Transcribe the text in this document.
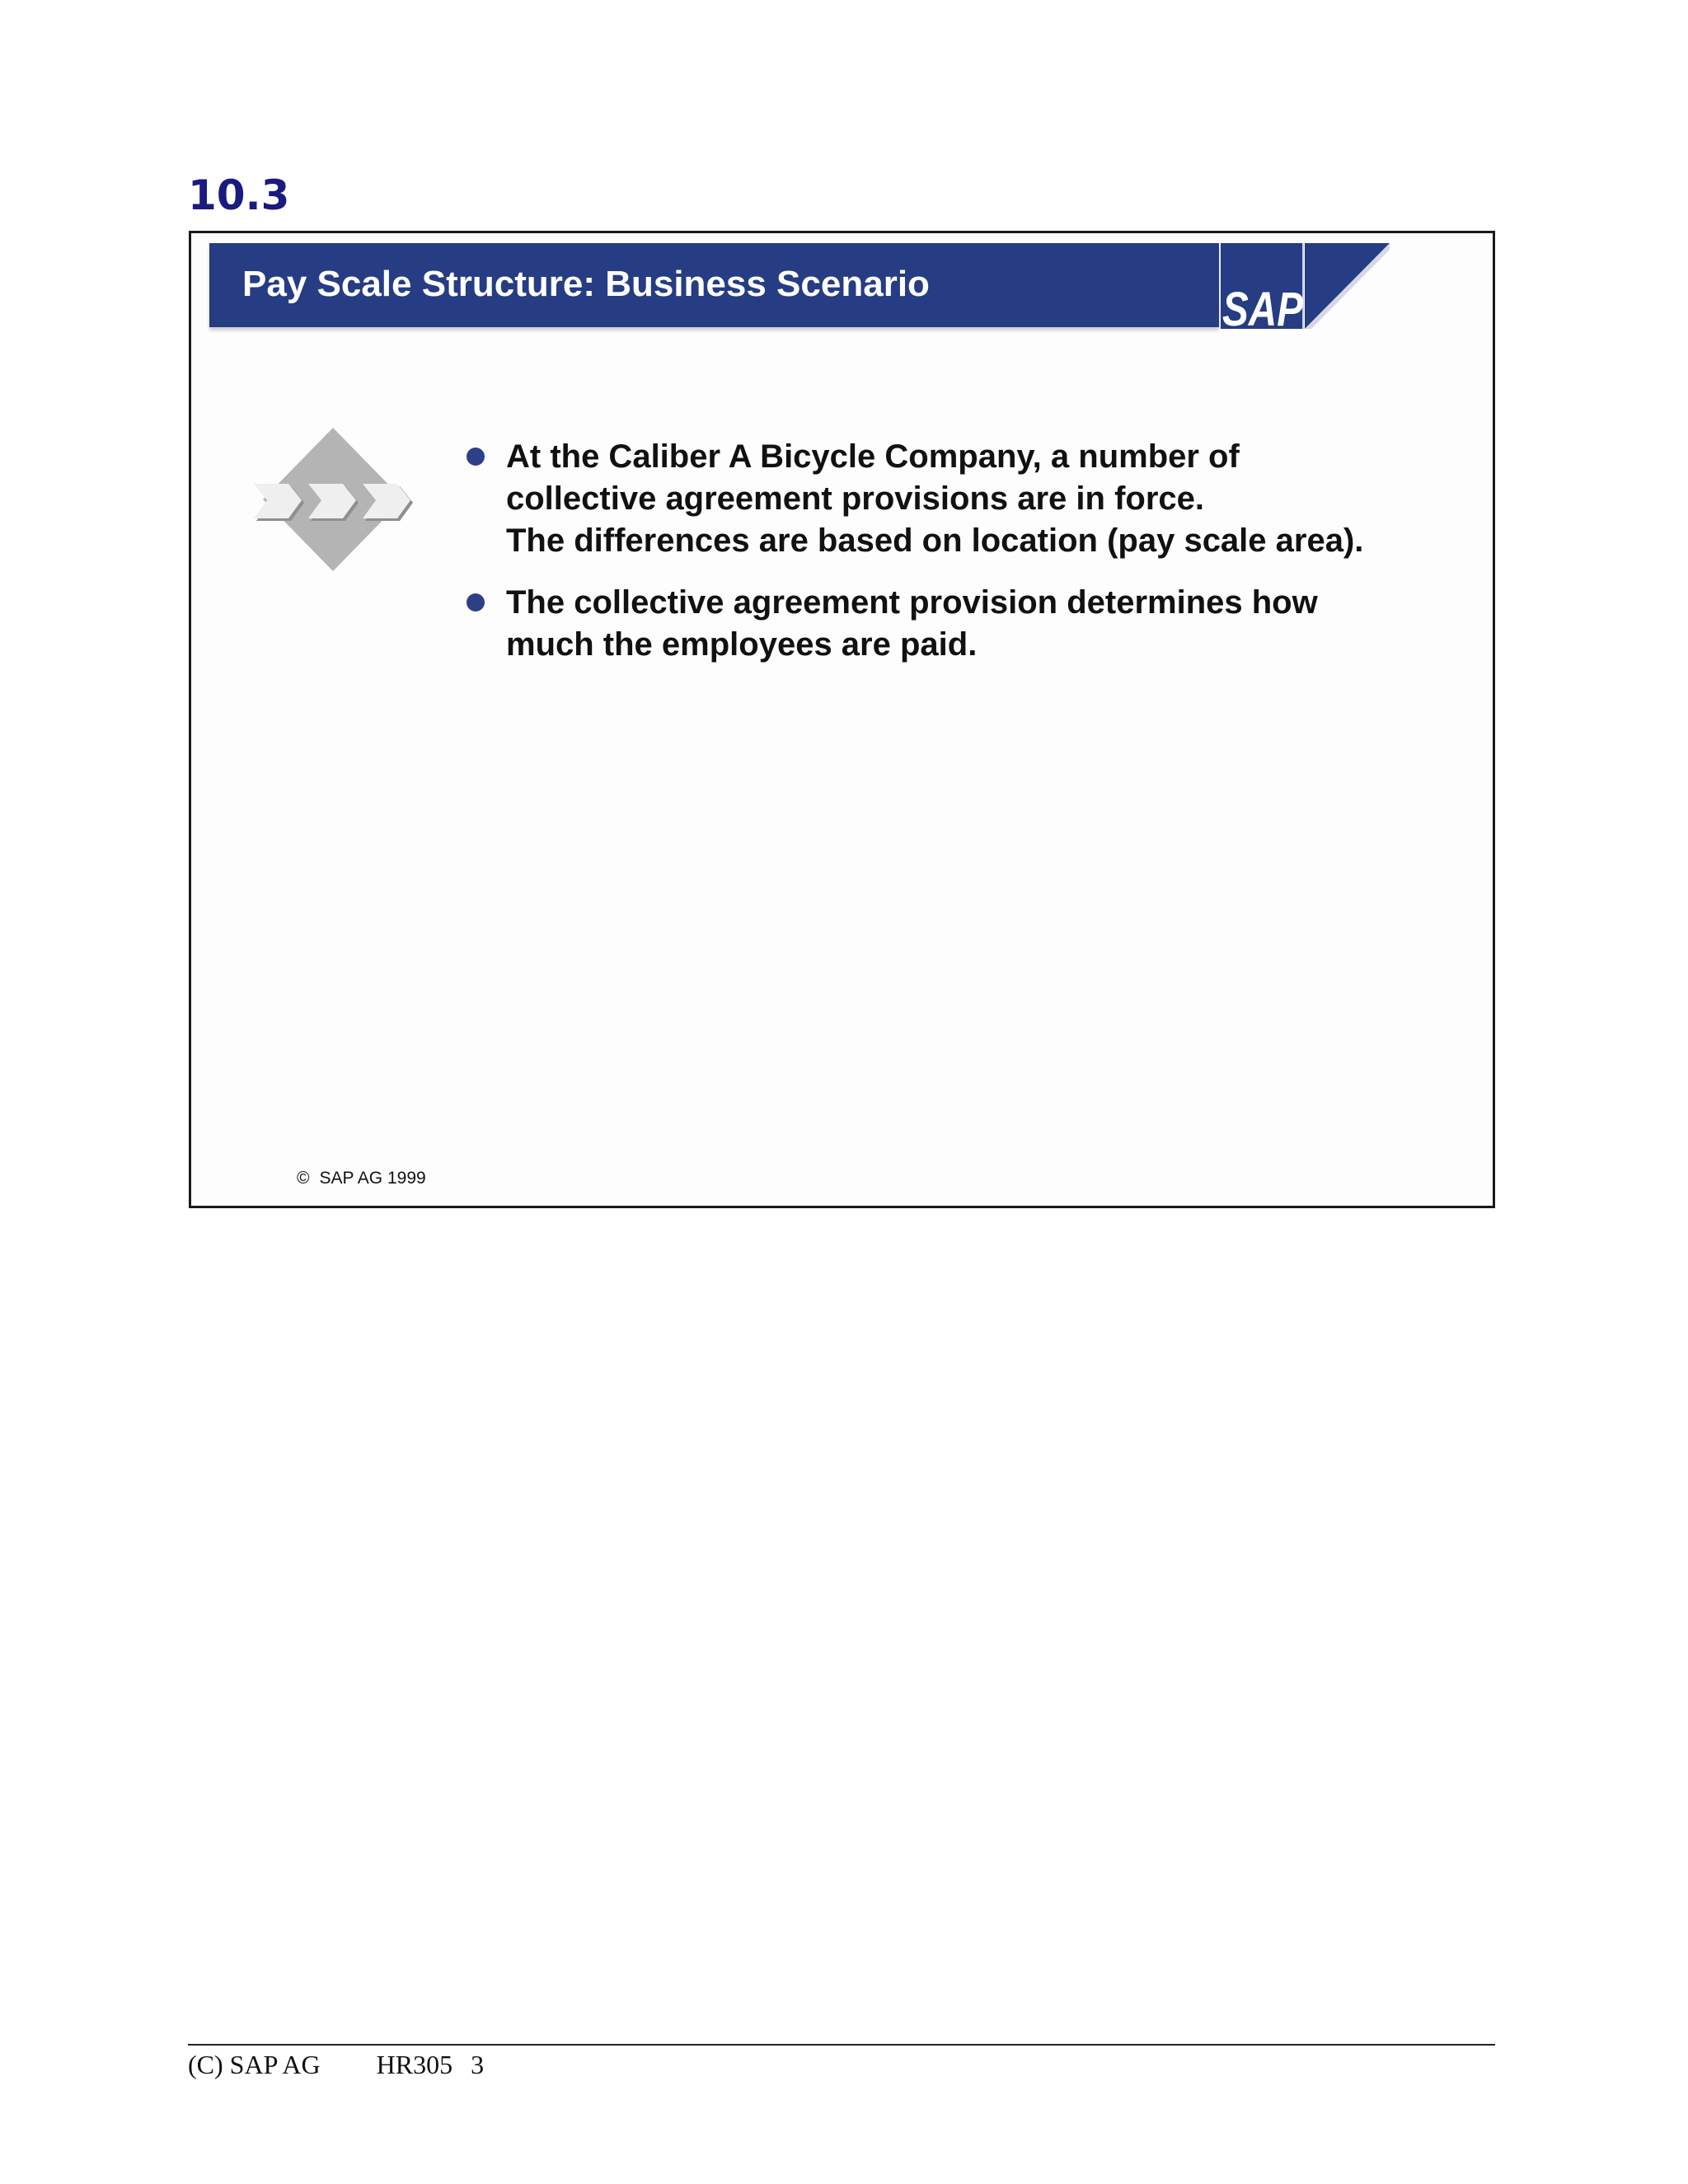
10.3
Pay Scale Structure: Business Scenario	SAP
At the Caliber A Bicycle Company, a number of
collective agreement provisions are in force.
The differences are based on location (pay scale area).
The collective agreement provision determines how
much the employees are paid.
© SAP AG 1999
(C) SAP AG HR305 3
